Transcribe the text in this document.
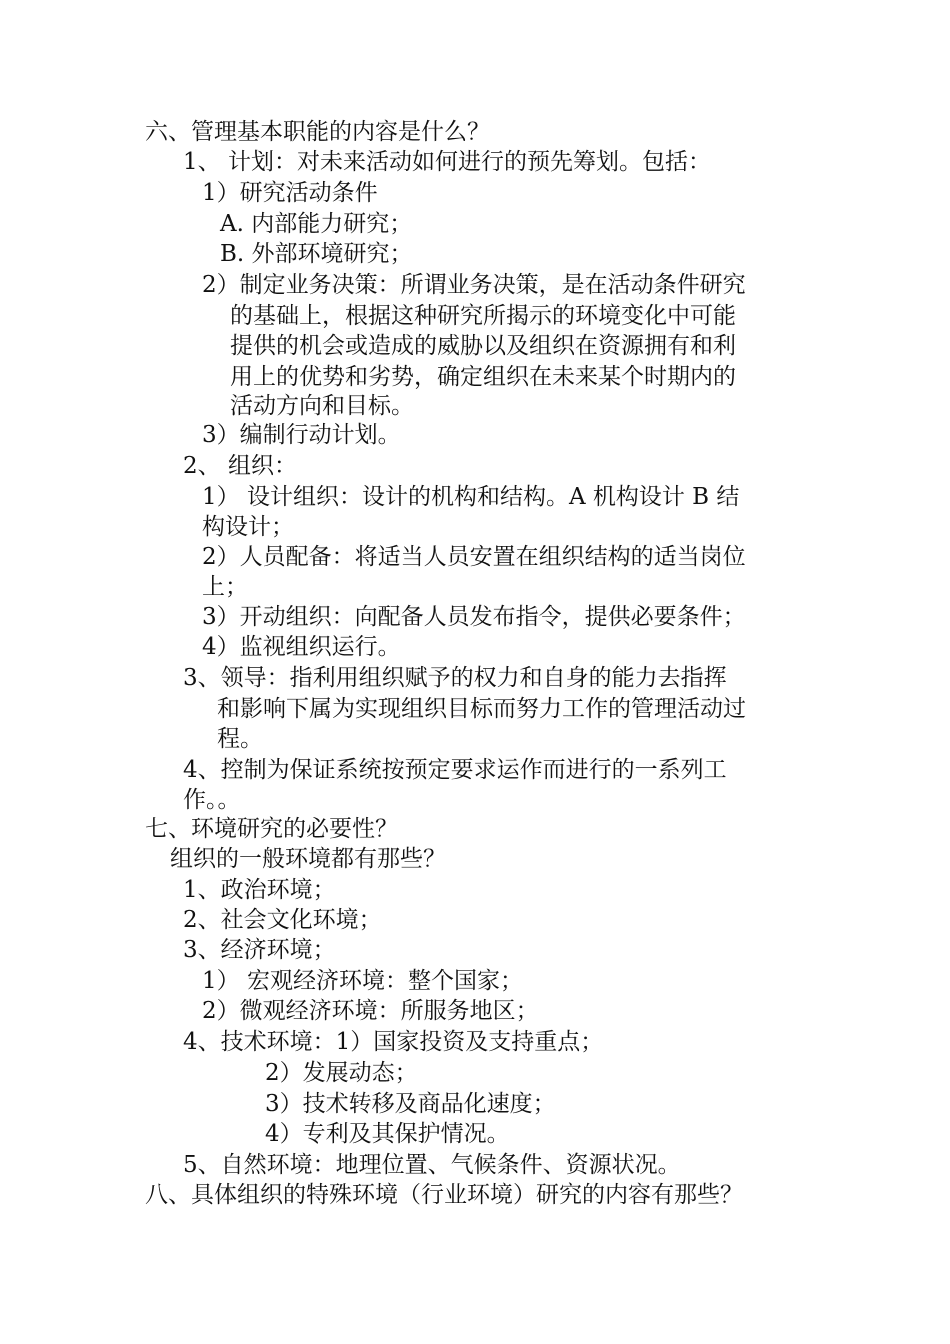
六、管理基本职能的内容是什么？
1、 计划：对未来活动如何进行的预先筹划。包括：
1）研究活动条件
A. 内部能力研究；
B. 外部环境研究；
2）制定业务决策：所谓业务决策，是在活动条件研究
的基础上，根据这种研究所揭示的环境变化中可能
提供的机会或造成的威胁以及组织在资源拥有和利
用上的优势和劣势，确定组织在未来某个时期内的
活动方向和目标。
3）编制行动计划。
2、 组织：
1） 设计组织：设计的机构和结构。A 机构设计 B 结
构设计；
2）人员配备：将适当人员安置在组织结构的适当岗位
上；
3）开动组织：向配备人员发布指令，提供必要条件；
4）监视组织运行。
3、领导：指利用组织赋予的权力和自身的能力去指挥
和影响下属为实现组织目标而努力工作的管理活动过
程。
4、控制为保证系统按预定要求运作而进行的一系列工
作。。
七、环境研究的必要性？
组织的一般环境都有那些？
1、政治环境；
2、社会文化环境；
3、经济环境；
1） 宏观经济环境：整个国家；
2）微观经济环境：所服务地区；
4、技术环境：1）国家投资及支持重点；
2）发展动态；
3）技术转移及商品化速度；
4）专利及其保护情况。
5、自然环境：地理位置、气候条件、资源状况。
八、具体组织的特殊环境（行业环境）研究的内容有那些？
